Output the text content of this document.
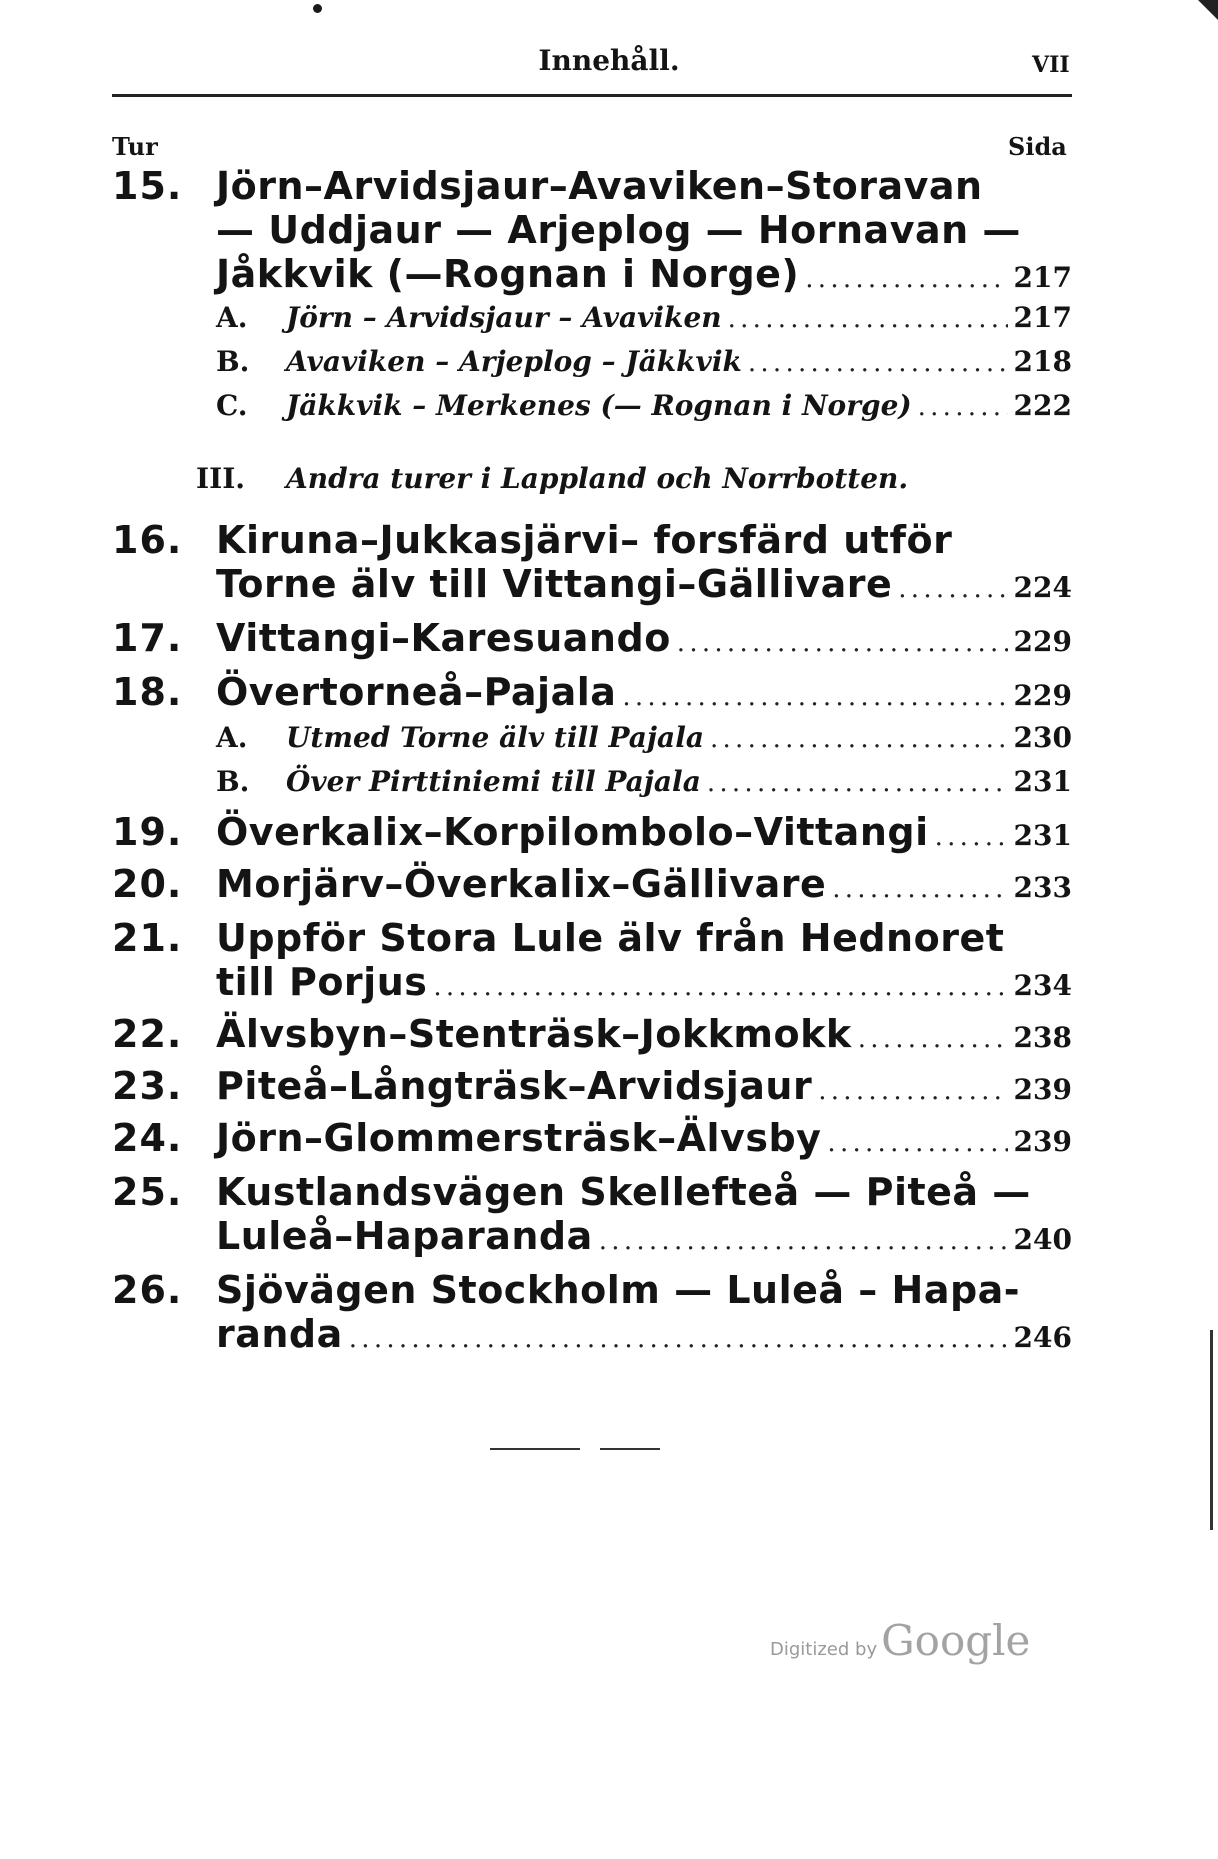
Innehåll.	VII
Tur	Sida
15. Jörn–Arvidsjaur–Avaviken–Storavan
— Uddjaur — Arjeplog — Hornavan —
Jåkkvik (—Rognan i Norge) . . .	217
A.	Jörn – Arvidsjaur – Avaviken . . .	217
B.	Avaviken – Arjeplog – Jäkkvik . . .	218
C.	Jäkkvik – Merkenes (— Rognan i Norge) . . .	222
III.	Andra turer i Lappland och Norrbotten.
16. Kiruna–Jukkasjärvi– forsfärd utför
Torne älv till Vittangi–Gällivare . . .	224
17. Vittangi–Karesuando . . .	229
18. Övertorneå–Pajala . . .	229
A.	Utmed Torne älv till Pajala . . .	230
B.	Över Pirttiniemi till Pajala . . .	231
19. Överkalix–Korpilombolo–Vittangi . . .	231
20. Morjärv–Överkalix–Gällivare . . .	233
21. Uppför Stora Lule älv från Hednoret
till Porjus . . .	234
22. Älvsbyn–Stenträsk–Jokkmokk . . .	238
23. Piteå–Långträsk–Arvidsjaur . . .	239
24. Jörn–Glommersträsk–Älvsby . . .	239
25. Kustlandsvägen Skellefteå — Piteå —
Luleå–Haparanda . . .	240
26. Sjövägen Stockholm — Luleå – Hapa-
randa . . .	246
Digitized by Google
